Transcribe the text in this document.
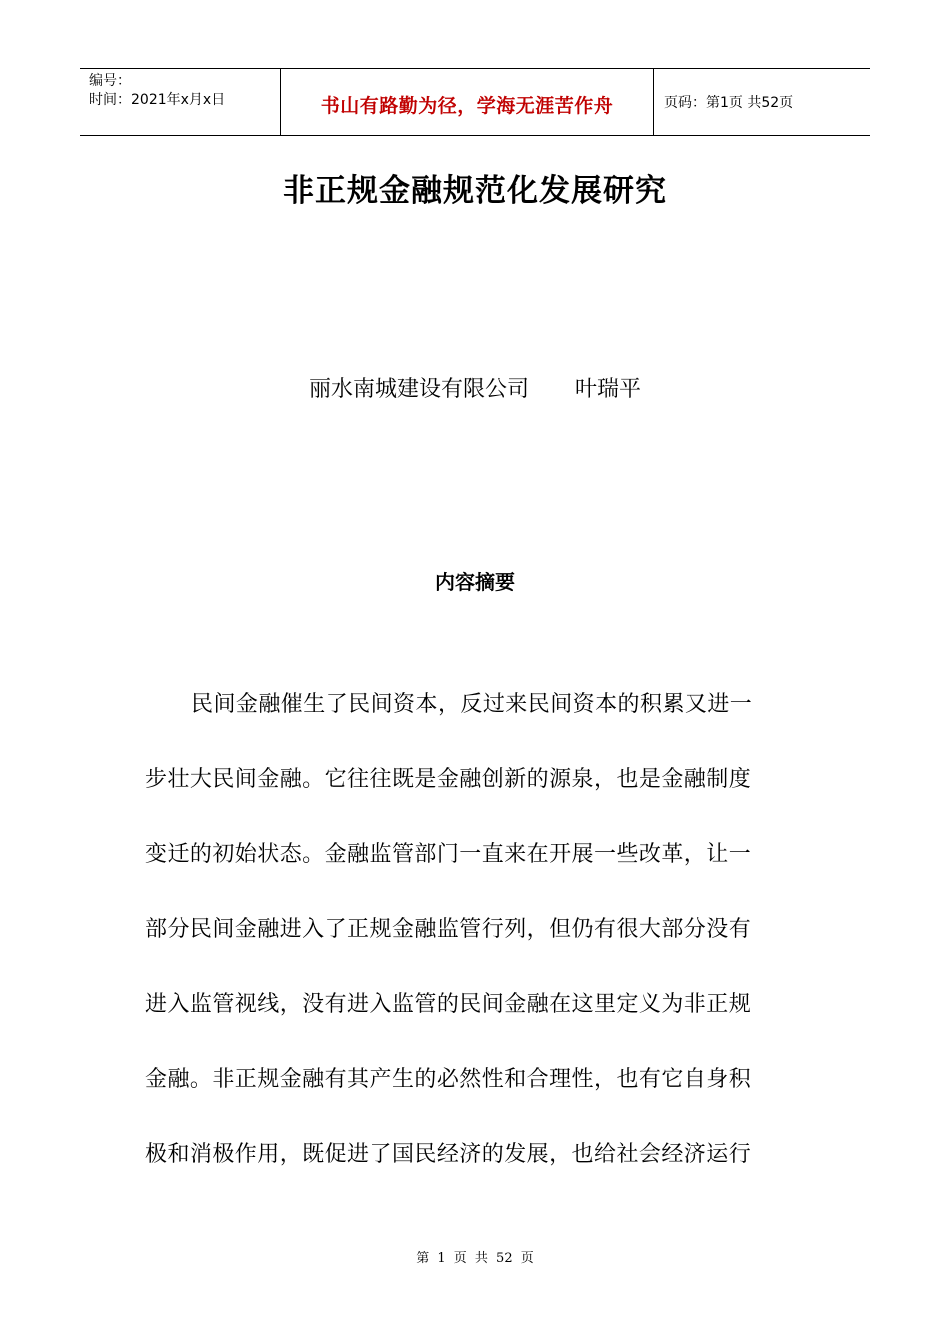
编号：
时间：2021年x月x日	书山有路勤为径，学海无涯苦作舟	页码：第1页 共52页
非正规金融规范化发展研究
丽水南城建设有限公司 叶瑞平
内容摘要
民间金融催生了民间资本，反过来民间资本的积累又进一
步壮大民间金融。它往往既是金融创新的源泉，也是金融制度
变迁的初始状态。金融监管部门一直来在开展一些改革，让一
部分民间金融进入了正规金融监管行列，但仍有很大部分没有
进入监管视线，没有进入监管的民间金融在这里定义为非正规
金融。非正规金融有其产生的必然性和合理性，也有它自身积
极和消极作用，既促进了国民经济的发展，也给社会经济运行
第 1 页 共 52 页
